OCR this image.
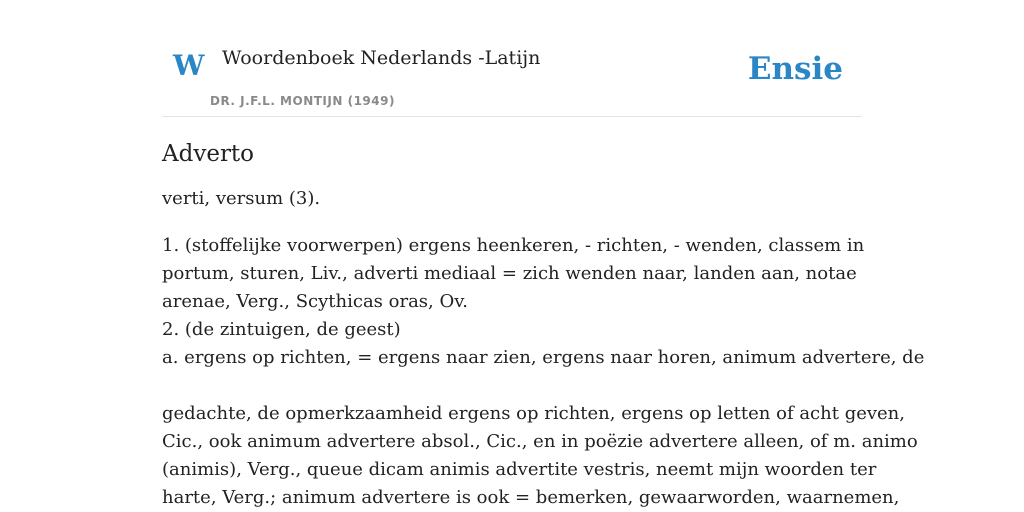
W Woordenboek Nederlands -Latijn
DR. J.F.L. MONTIJN (1949)
Ensie
Adverto

verti, versum (3).

1. (stoffelijke voorwerpen) ergens heenkeren, - richten, - wenden, classem in
portum, sturen, Liv., adverti mediaal = zich wenden naar, landen aan, notae
arenae, Verg., Scythicas oras, Ov.
2. (de zintuigen, de geest)
a. ergens op richten, = ergens naar zien, ergens naar horen, animum advertere, de
gedachte, de opmerkzaamheid ergens op richten, ergens op letten of acht geven,
Cic., ook animum advertere absol., Cic., en in poëzie advertere alleen, of m. animo
(animis), Verg., queue dicam animis advertite vestris, neemt mijn woorden ter
harte, Verg.; animum advertere is ook = bemerken, gewaarworden, waarnemen,
